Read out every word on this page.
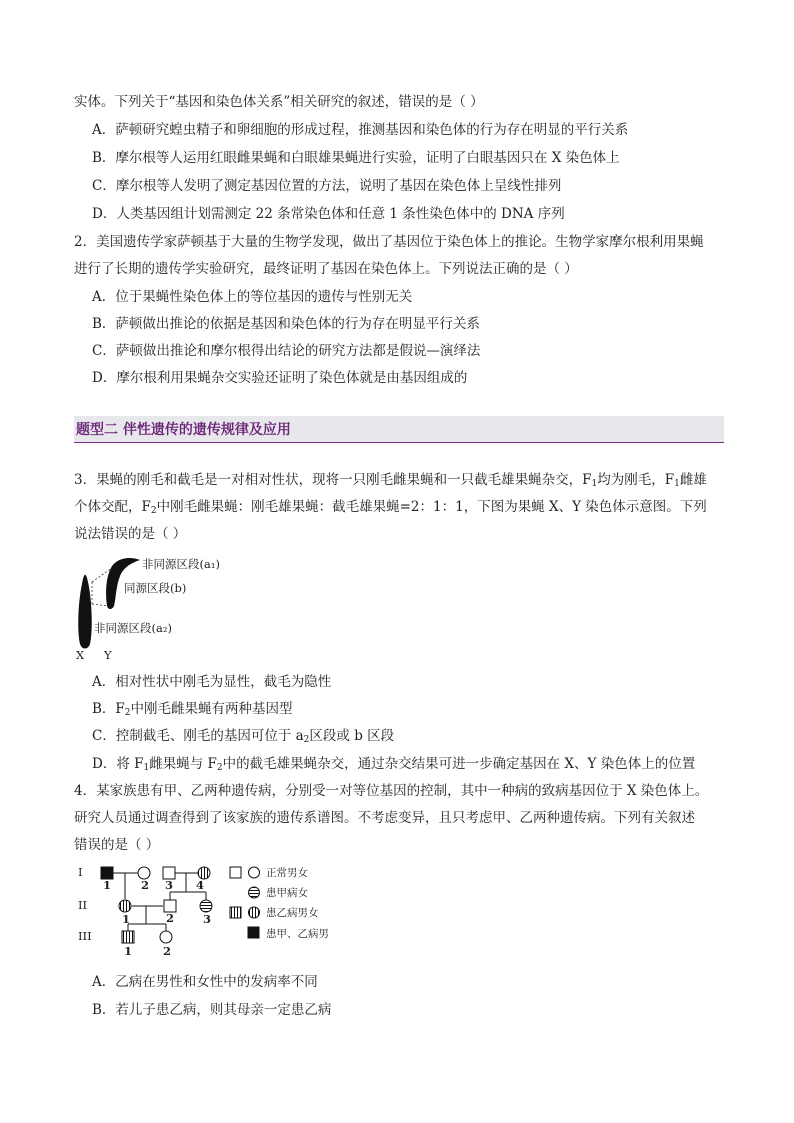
实体。下列关于“基因和染色体关系”相关研究的叙述，错误的是（ ）
A．萨顿研究蝗虫精子和卵细胞的形成过程，推测基因和染色体的行为存在明显的平行关系
B．摩尔根等人运用红眼雌果蝇和白眼雄果蝇进行实验，证明了白眼基因只在 X 染色体上
C．摩尔根等人发明了测定基因位置的方法，说明了基因在染色体上呈线性排列
D．人类基因组计划需测定 22 条常染色体和任意 1 条性染色体中的 DNA 序列
2．美国遗传学家萨顿基于大量的生物学发现，做出了基因位于染色体上的推论。生物学家摩尔根利用果蝇
进行了长期的遗传学实验研究，最终证明了基因在染色体上。下列说法正确的是（ ）
A．位于果蝇性染色体上的等位基因的遗传与性别无关
B．萨顿做出推论的依据是基因和染色体的行为存在明显平行关系
C．萨顿做出推论和摩尔根得出结论的研究方法都是假说—演绎法
D．摩尔根利用果蝇杂交实验还证明了染色体就是由基因组成的
题型二 伴性遗传的遗传规律及应用
3．果蝇的刚毛和截毛是一对相对性状，现将一只刚毛雌果蝇和一只截毛雄果蝇杂交，$F_1$均为刚毛，$F_1$雌雄
个体交配，$F_2$中刚毛雌果蝇：刚毛雄果蝇：截毛雄果蝇=2：1：1，下图为果蝇 X、Y 染色体示意图。下列
说法错误的是（ ）
非同源区段(a₁)
同源区段(b)
非同源区段(a₂)
X Y
A．相对性状中刚毛为显性，截毛为隐性
B．$F_2$中刚毛雌果蝇有两种基因型
C．控制截毛、刚毛的基因可位于 $a_2$区段或 b 区段
D．将 $F_1$雌果蝇与 $F_2$中的截毛雄果蝇杂交，通过杂交结果可进一步确定基因在 X、Y 染色体上的位置
4．某家族患有甲、乙两种遗传病，分别受一对等位基因的控制，其中一种病的致病基因位于 X 染色体上。
研究人员通过调查得到了该家族的遗传系谱图。不考虑变异，且只考虑甲、乙两种遗传病。下列有关叙述
错误的是（ ）
I
II
III
1	2 3 4
1	2	3
1	2
正常男女
患甲病女
患乙病男女
患甲、乙病男
A．乙病在男性和女性中的发病率不同
B．若儿子患乙病，则其母亲一定患乙病
